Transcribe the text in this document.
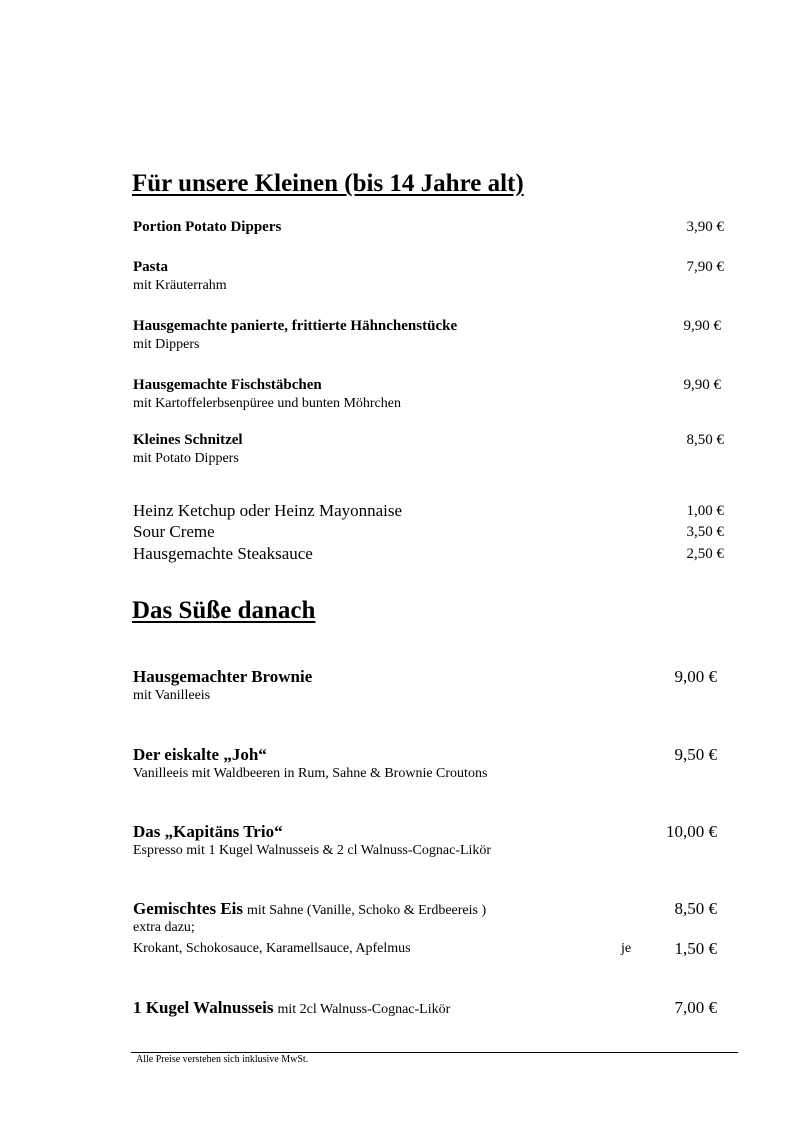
Für unsere Kleinen (bis 14 Jahre alt)
Portion Potato Dippers	3,90 €
Pasta	7,90 €
mit Kräuterrahm
Hausgemachte panierte, frittierte Hähnchenstücke	9,90 €
mit Dippers
Hausgemachte Fischstäbchen	9,90 €
mit Kartoffelerbsenpüree und bunten Möhrchen
Kleines Schnitzel	8,50 €
mit Potato Dippers
Heinz Ketchup oder Heinz Mayonnaise	1,00 €
Sour Creme	3,50 €
Hausgemachte Steaksauce	2,50 €
Das Süße danach
Hausgemachter Brownie	9,00 €
mit Vanilleeis
Der eiskalte „Joh“	9,50 €
Vanilleeis mit Waldbeeren in Rum, Sahne & Brownie Croutons
Das „Kapitäns Trio“	10,00 €
Espresso mit 1 Kugel Walnusseis & 2 cl Walnuss-Cognac-Likör
Gemischtes Eis mit Sahne (Vanille, Schoko & Erdbeereis )	8,50 €
extra dazu;
Krokant, Schokosauce, Karamellsauce, Apfelmus	je	1,50 €
1 Kugel Walnusseis mit 2cl Walnuss-Cognac-Likör	7,00 €
Alle Preise verstehen sich inklusive MwSt.
